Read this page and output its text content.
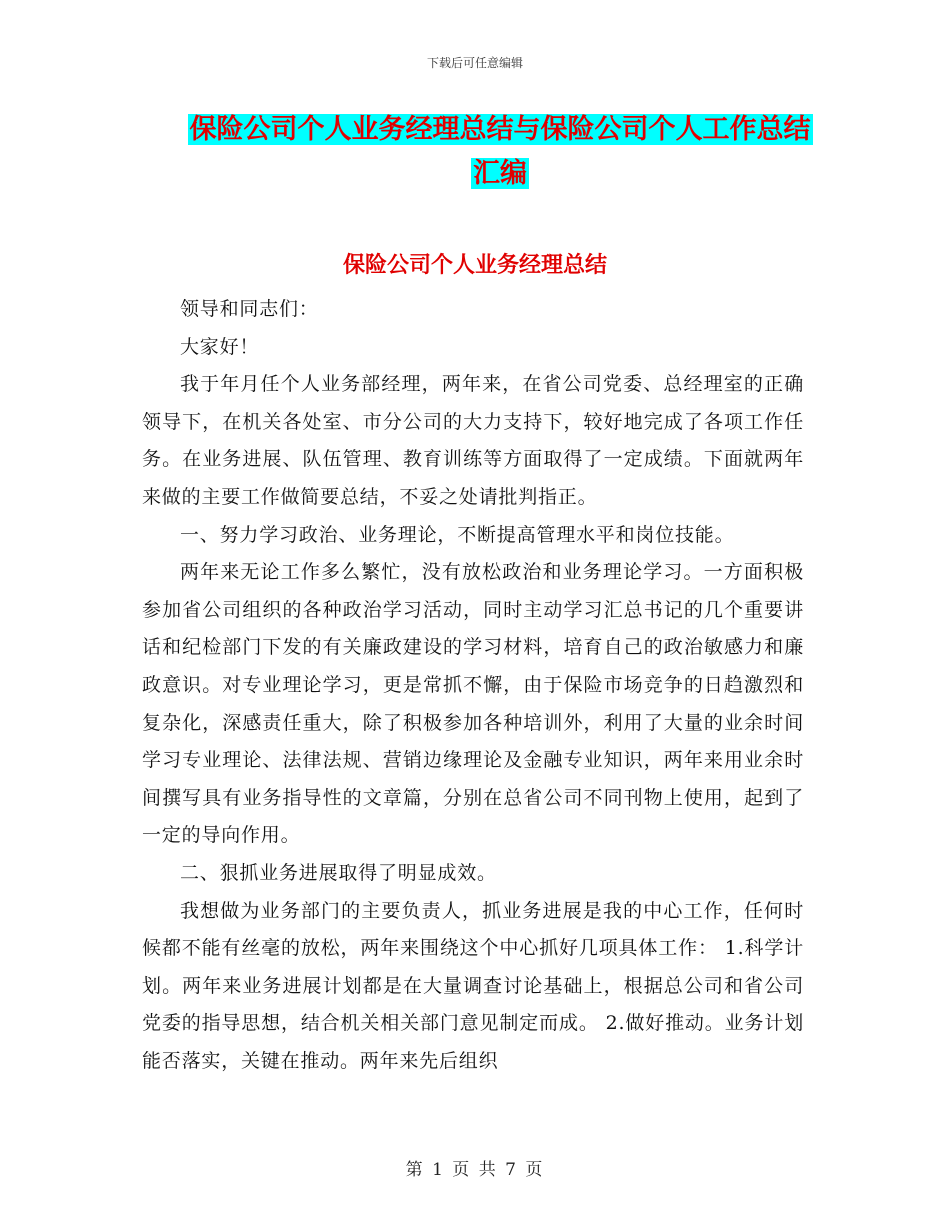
下载后可任意编辑
保险公司个人业务经理总结与保险公司个人工作总结
汇编
保险公司个人业务经理总结

领导和同志们：

大家好！

我于年月任个人业务部经理，两年来，在省公司党委、总经理室的正确领导下，在机关各处室、市分公司的大力支持下，较好地完成了各项工作任务。在业务进展、队伍管理、教育训练等方面取得了一定成绩。下面就两年来做的主要工作做简要总结，不妥之处请批判指正。

一、努力学习政治、业务理论，不断提高管理水平和岗位技能。

两年来无论工作多么繁忙，没有放松政治和业务理论学习。一方面积极参加省公司组织的各种政治学习活动，同时主动学习汇总书记的几个重要讲话和纪检部门下发的有关廉政建设的学习材料，培育自己的政治敏感力和廉政意识。对专业理论学习，更是常抓不懈，由于保险市场竞争的日趋激烈和复杂化，深感责任重大，除了积极参加各种培训外，利用了大量的业余时间学习专业理论、法律法规、营销边缘理论及金融专业知识，两年来用业余时间撰写具有业务指导性的文章篇，分别在总省公司不同刊物上使用，起到了一定的导向作用。

二、狠抓业务进展取得了明显成效。

我想做为业务部门的主要负责人，抓业务进展是我的中心工作，任何时候都不能有丝毫的放松，两年来围绕这个中心抓好几项具体工作： 1.科学计划。两年来业务进展计划都是在大量调查讨论基础上，根据总公司和省公司党委的指导思想，结合机关相关部门意见制定而成。 2.做好推动。业务计划能否落实，关键在推动。两年来先后组织

第 1 页 共 7 页
